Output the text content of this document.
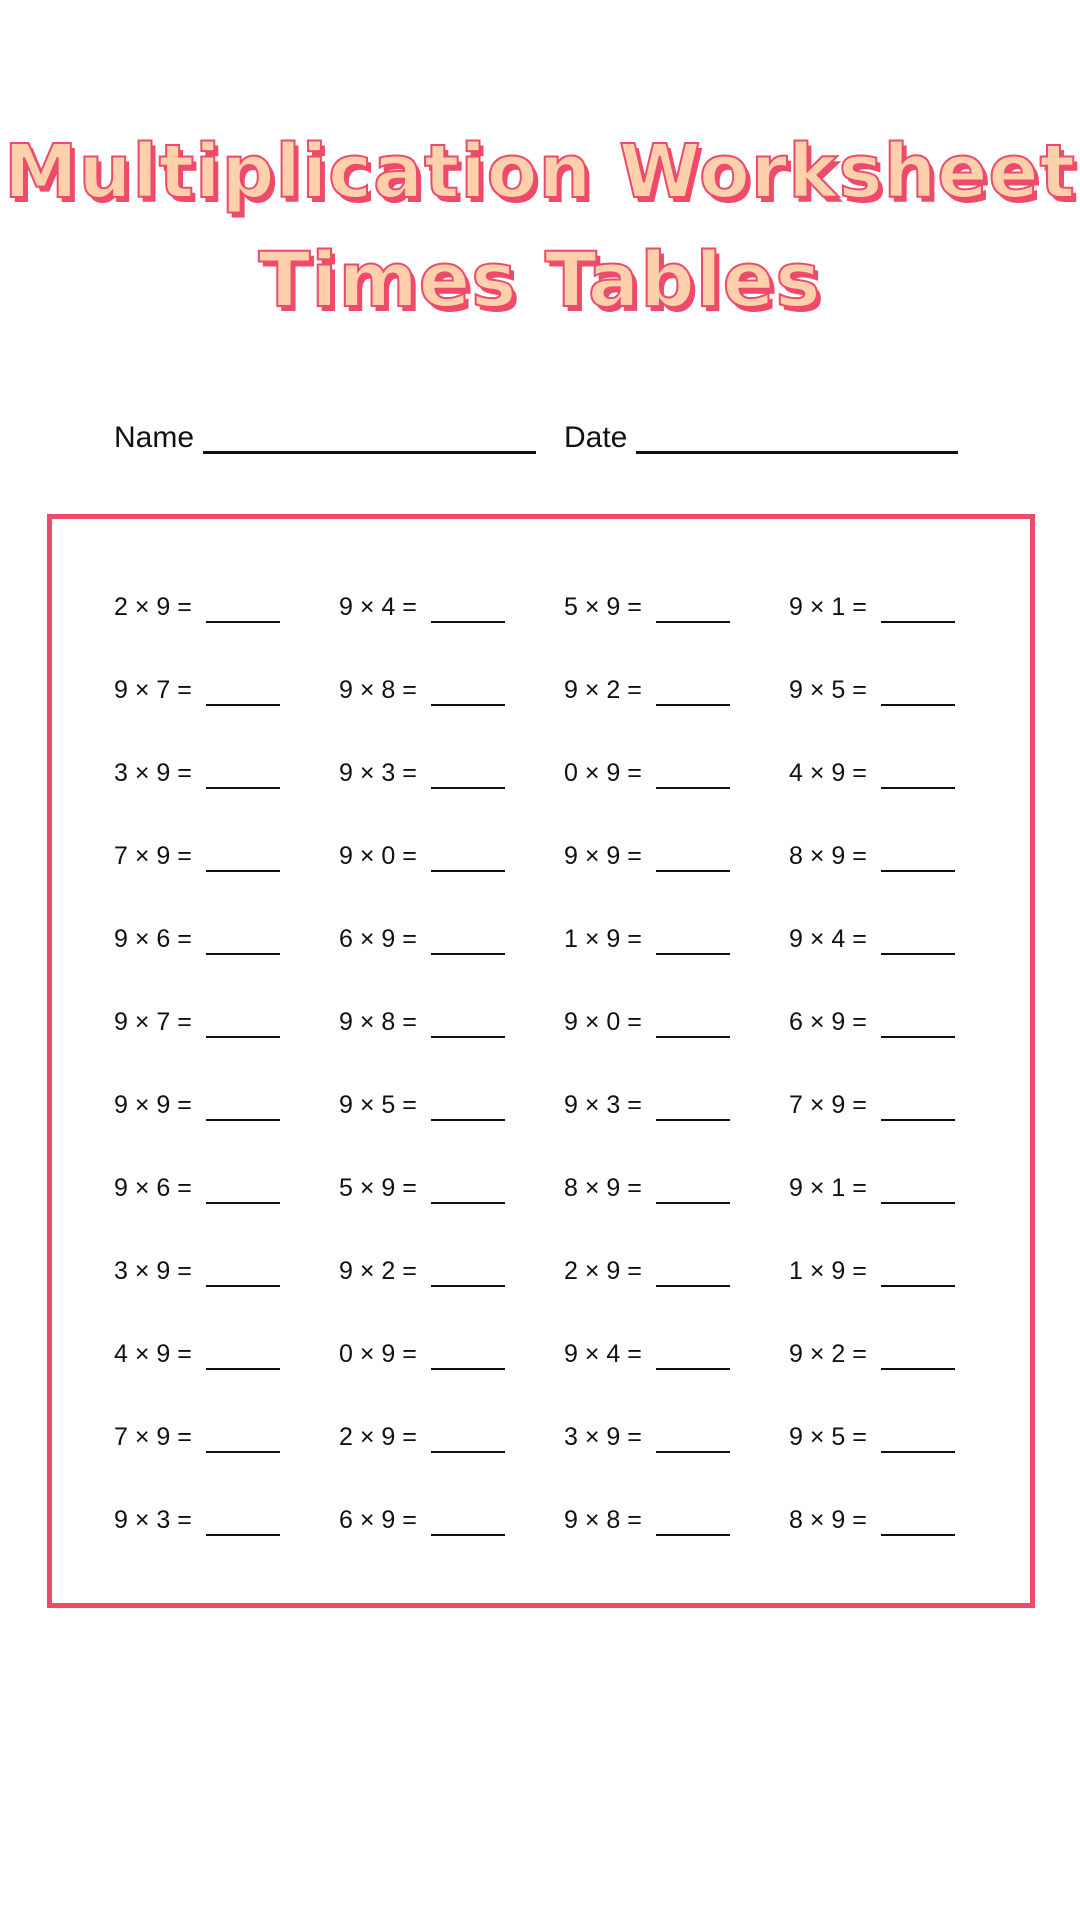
Multiplication Worksheet
Times Tables
Name	Date
2 × 9 =	9 × 4 =	5 × 9 =	9 × 1 =
9 × 7 =	9 × 8 =	9 × 2 =	9 × 5 =
3 × 9 =	9 × 3 =	0 × 9 =	4 × 9 =
7 × 9 =	9 × 0 =	9 × 9 =	8 × 9 =
9 × 6 =	6 × 9 =	1 × 9 =	9 × 4 =
9 × 7 =	9 × 8 =	9 × 0 =	6 × 9 =
9 × 9 =	9 × 5 =	9 × 3 =	7 × 9 =
9 × 6 =	5 × 9 =	8 × 9 =	9 × 1 =
3 × 9 =	9 × 2 =	2 × 9 =	1 × 9 =
4 × 9 =	0 × 9 =	9 × 4 =	9 × 2 =
7 × 9 =	2 × 9 =	3 × 9 =	9 × 5 =
9 × 3 =	6 × 9 =	9 × 8 =	8 × 9 =
